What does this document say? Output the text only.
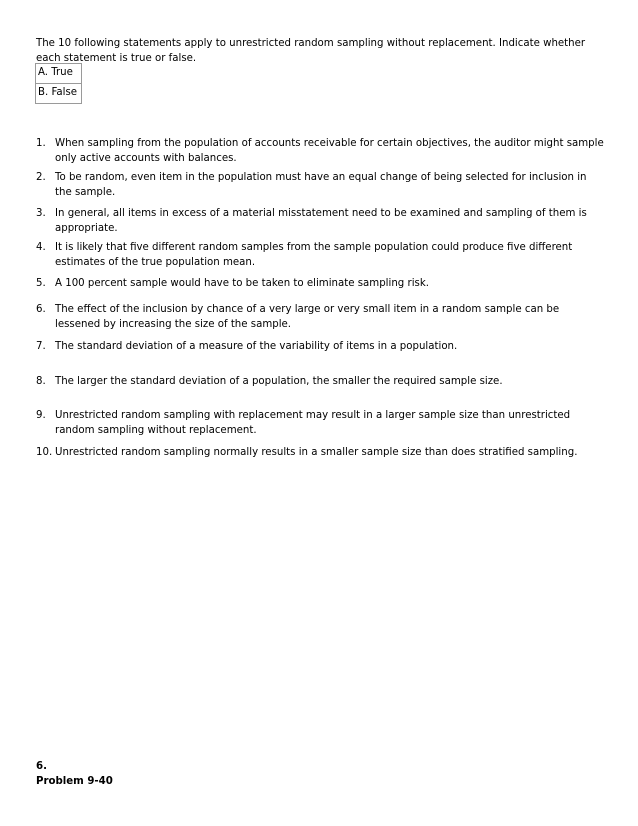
The 10 following statements apply to unrestricted random sampling without replacement. Indicate whether each statement is true or false.

A. True
B. False
1. When sampling from the population of accounts receivable for certain objectives, the auditor might sample only active accounts with balances.
2. To be random, even item in the population must have an equal change of being selected for inclusion in the sample.
3. In general, all items in excess of a material misstatement need to be examined and sampling of them is appropriate.
4. It is likely that five different random samples from the sample population could produce five different estimates of the true population mean.
5. A 100 percent sample would have to be taken to eliminate sampling risk.
6. The effect of the inclusion by chance of a very large or very small item in a random sample can be lessened by increasing the size of the sample.
7. The standard deviation of a measure of the variability of items in a population.
8. The larger the standard deviation of a population, the smaller the required sample size.
9. Unrestricted random sampling with replacement may result in a larger sample size than unrestricted random sampling without replacement.
10. Unrestricted random sampling normally results in a smaller sample size than does stratified sampling.
6.
Problem 9-40
